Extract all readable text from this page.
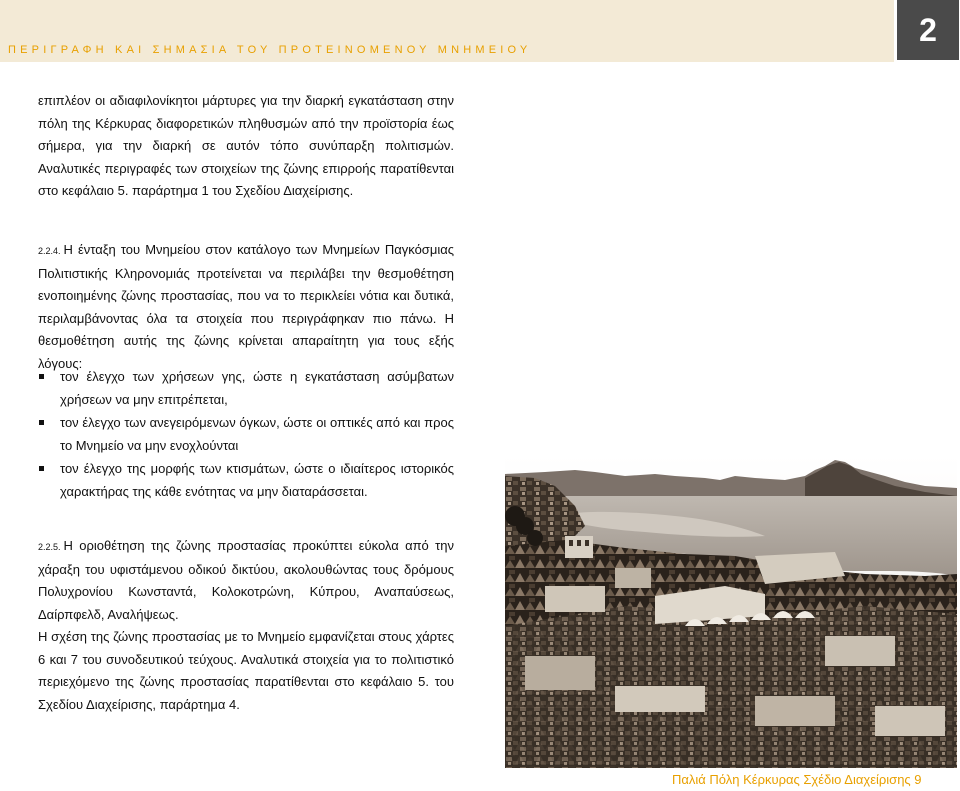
ΠΕΡΙΓΡΑΦΗ ΚΑΙ ΣΗΜΑΣΙΑ ΤΟΥ ΠΡΟΤΕΙΝΟΜΕΝΟΥ ΜΝΗΜΕΙΟΥ
2
επιπλέον οι αδιαφιλονίκητοι μάρτυρες για την διαρκή εγκατάσταση στην πόλη της Κέρκυρας διαφορετικών πληθυσμών από την προϊστορία έως σήμερα, για την διαρκή σε αυτόν τόπο συνύπαρξη πολιτισμών. Αναλυτικές περιγραφές των στοιχείων της ζώνης επιρροής παρατίθενται στο κεφάλαιο 5. παράρτημα 1 του Σχεδίου Διαχείρισης.
2.2.4. Η ένταξη του Μνημείου στον κατάλογο των Μνημείων Παγκόσμιας Πολιτιστικής Κληρονομιάς προτείνεται να περιλάβει την θεσμοθέτηση ενοποιημένης ζώνης προστασίας, που να το περικλείει νότια και δυτικά, περιλαμβάνοντας όλα τα στοιχεία που περιγράφηκαν πιο πάνω. Η θεσμοθέτηση αυτής της ζώνης κρίνεται απαραίτητη για τους εξής λόγους:
τον έλεγχο των χρήσεων γης, ώστε η εγκατάσταση ασύμβατων χρήσεων να μην επιτρέπεται,
τον έλεγχο των ανεγειρόμενων όγκων, ώστε οι οπτικές από και προς το Μνημείο να μην ενοχλούνται
τον έλεγχο της μορφής των κτισμάτων, ώστε ο ιδιαίτερος ιστορικός χαρακτήρας της κάθε ενότητας να μην διαταράσσεται.
2.2.5. Η οριοθέτηση της ζώνης προστασίας προκύπτει εύκολα από την χάραξη του υφιστάμενου οδικού δικτύου, ακολουθώντας τους δρόμους Πολυχρονίου Κωνσταντά, Κολοκοτρώνη, Κύπρου, Αναπαύσεως, Δαίρπφελδ, Αναλήψεως.
Η σχέση της ζώνης προστασίας με το Μνημείο εμφανίζεται στους χάρτες 6 και 7 του συνοδευτικού τεύχους. Αναλυτικά στοιχεία για το πολιτιστικό περιεχόμενο της ζώνης προστασίας παρατίθενται στο κεφάλαιο 5. του Σχεδίου Διαχείρισης, παράρτημα 4.
Παλιά Πόλη Κέρκυρας Σχέδιο Διαχείρισης 9
